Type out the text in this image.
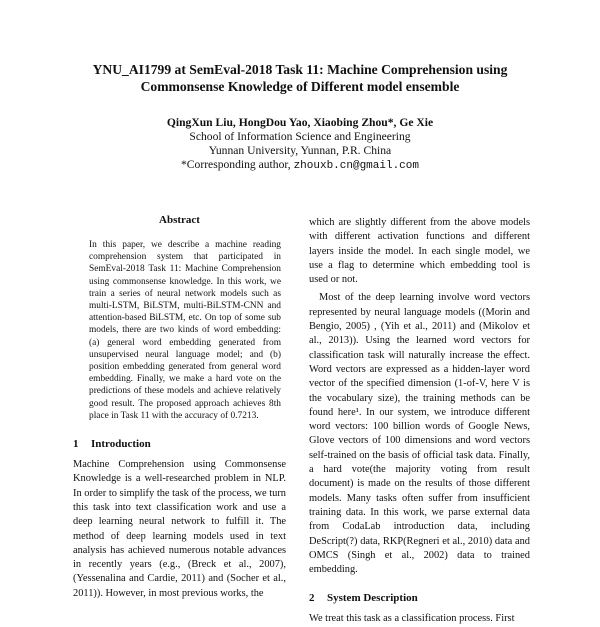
YNU_AI1799 at SemEval-2018 Task 11: Machine Comprehension using
Commonsense Knowledge of Different model ensemble
QingXun Liu, HongDou Yao, Xiaobing Zhou*, Ge Xie
School of Information Science and Engineering
Yunnan University, Yunnan, P.R. China
*Corresponding author, zhouxb.cn@gmail.com
Abstract

In this paper, we describe a machine reading comprehension system that participated in SemEval-2018 Task 11: Machine Comprehension using commonsense knowledge. In this work, we train a series of neural network models such as multi-LSTM, BiLSTM, multi-BiLSTM-CNN and attention-based BiLSTM, etc. On top of some sub models, there are two kinds of word embedding: (a) general word embedding generated from unsupervised neural language model; and (b) position embedding generated from general word embedding. Finally, we make a hard vote on the predictions of these models and achieve relatively good result. The proposed approach achieves 8th place in Task 11 with the accuracy of 0.7213.

1 Introduction

Machine Comprehension using Commonsense Knowledge is a well-researched problem in NLP. In order to simplify the task of the process, we turn this task into text classification work and use a deep learning neural network to fulfill it. The method of deep learning models used in text analysis has achieved numerous notable advances in recently years (e.g., (Breck et al., 2007), (Yessenalina and Cardie, 2011) and (Socher et al., 2011)). However, in most previous works, the

which are slightly different from the above models with different activation functions and different layers inside the model. In each single model, we use a flag to determine which embedding tool is used or not.

Most of the deep learning involve word vectors represented by neural language models ((Morin and Bengio, 2005) , (Yih et al., 2011) and (Mikolov et al., 2013)). Using the learned word vectors for classification task will naturally increase the effect. Word vectors are expressed as a hidden-layer word vector of the specified dimension (1-of-V, here V is the vocabulary size), the training methods can be found here¹. In our system, we introduce different word vectors: 100 billion words of Google News, Glove vectors of 100 dimensions and word vectors self-trained on the basis of official task data. Finally, a hard vote(the majority voting from result document) is made on the results of those different models. Many tasks often suffer from insufficient training data. In this work, we parse external data from CodaLab introduction data, including DeScript(?) data, RKP(Regneri et al., 2010) data and OMCS (Singh et al., 2002) data to trained embedding.

2 System Description

We treat this task as a classification process. First
